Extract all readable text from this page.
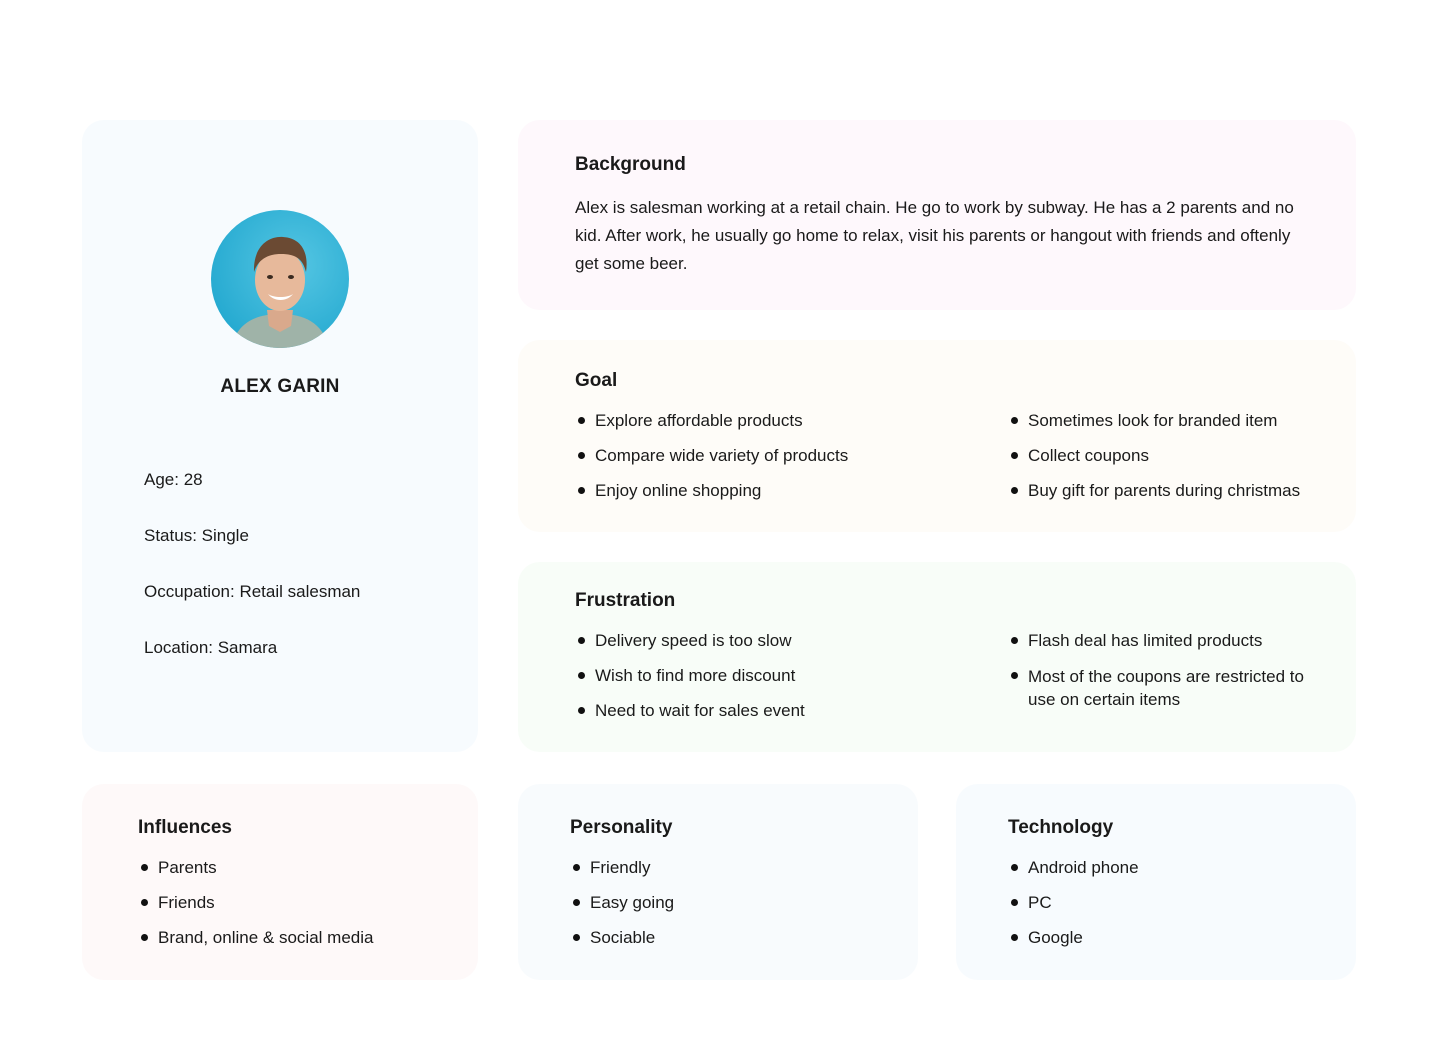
ALEX GARIN
Age: 28
Status: Single
Occupation: Retail salesman
Location: Samara
Background

Alex is salesman working at a retail chain. He go to work by subway. He has a 2 parents and no kid. After work, he usually go home to relax, visit his parents or hangout with friends and oftenly get some beer.

Goal
Explore affordable products
Compare wide variety of products
Enjoy online shopping
Sometimes look for branded item
Collect coupons
Buy gift for parents during christmas
Frustration
Delivery speed is too slow
Wish to find more discount
Need to wait for sales event
Flash deal has limited products
Most of the coupons are restricted to use on certain items
Influences
Parents
Friends
Brand, online & social media
Personality
Friendly
Easy going
Sociable
Technology
Android phone
PC
Google
